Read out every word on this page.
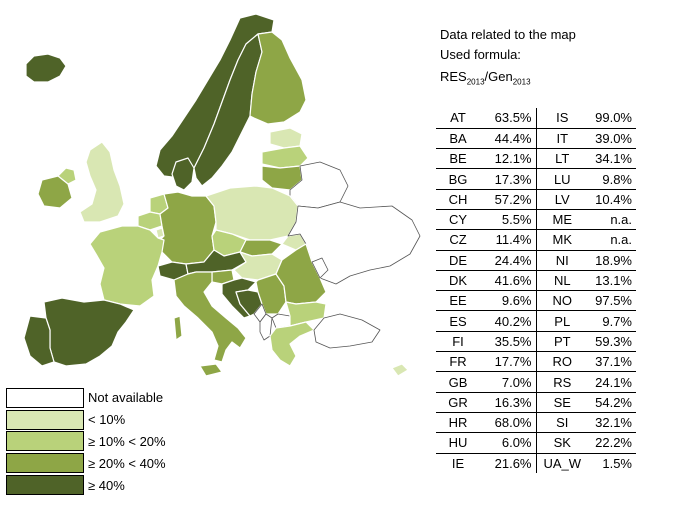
Not available
< 10%
≥ 10% < 20%
≥ 20% < 40%
≥ 40%
Data related to the map
Used formula:
$RES_{2013}/Gen_{2013}$
AT	63.5%	IS	99.0%
BA	44.4%	IT	39.0%
BE	12.1%	LT	34.1%
BG	17.3%	LU	9.8%
CH	57.2%	LV	10.4%
CY	5.5%	ME	n.a.
CZ	11.4%	MK	n.a.
DE	24.4%	NI	18.9%
DK	41.6%	NL	13.1%
EE	9.6%	NO	97.5%
ES	40.2%	PL	9.7%
FI	35.5%	PT	59.3%
FR	17.7%	RO	37.1%
GB	7.0%	RS	24.1%
GR	16.3%	SE	54.2%
HR	68.0%	SI	32.1%
HU	6.0%	SK	22.2%
IE	21.6%	UA_W	1.5%
